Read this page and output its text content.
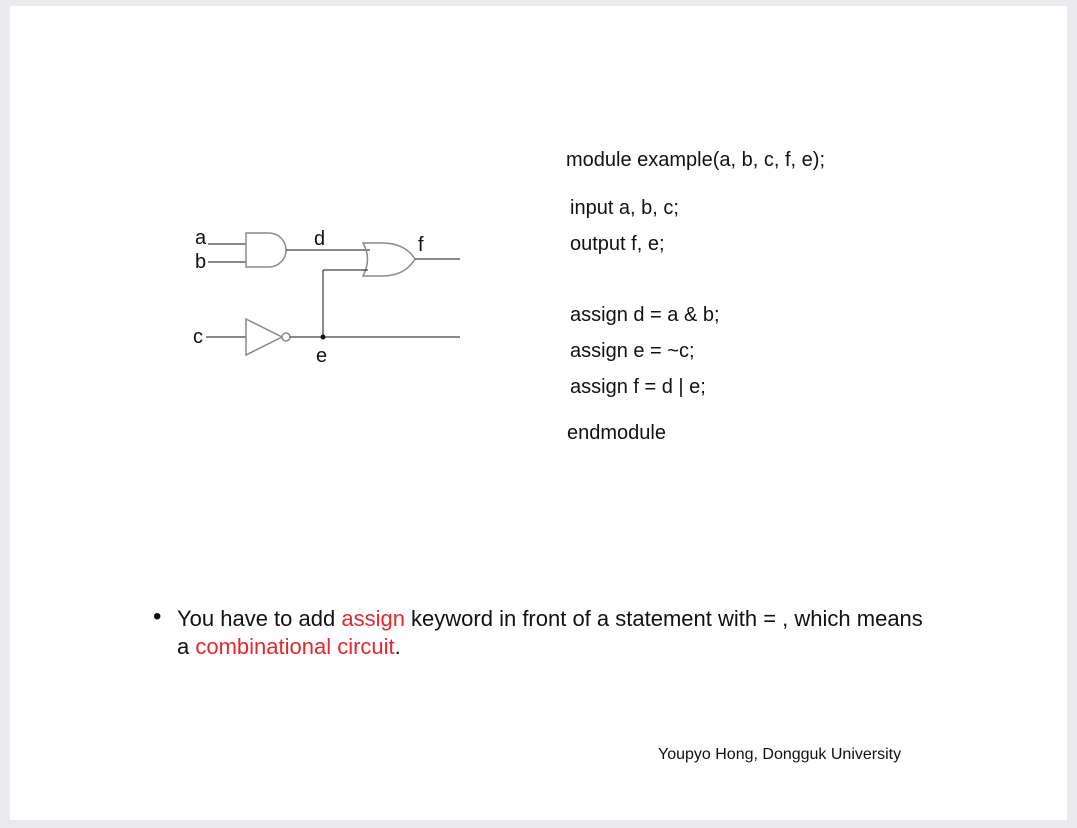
a
b
c
d
e
f
module example(a, b, c, f, e);
input a, b, c;
output f, e;
assign d = a & b;
assign e = ~c;
assign f = d | e;
endmodule
• You have to add assign keyword in front of a statement with = , which means a combinational circuit.
Youpyo Hong, Dongguk University
